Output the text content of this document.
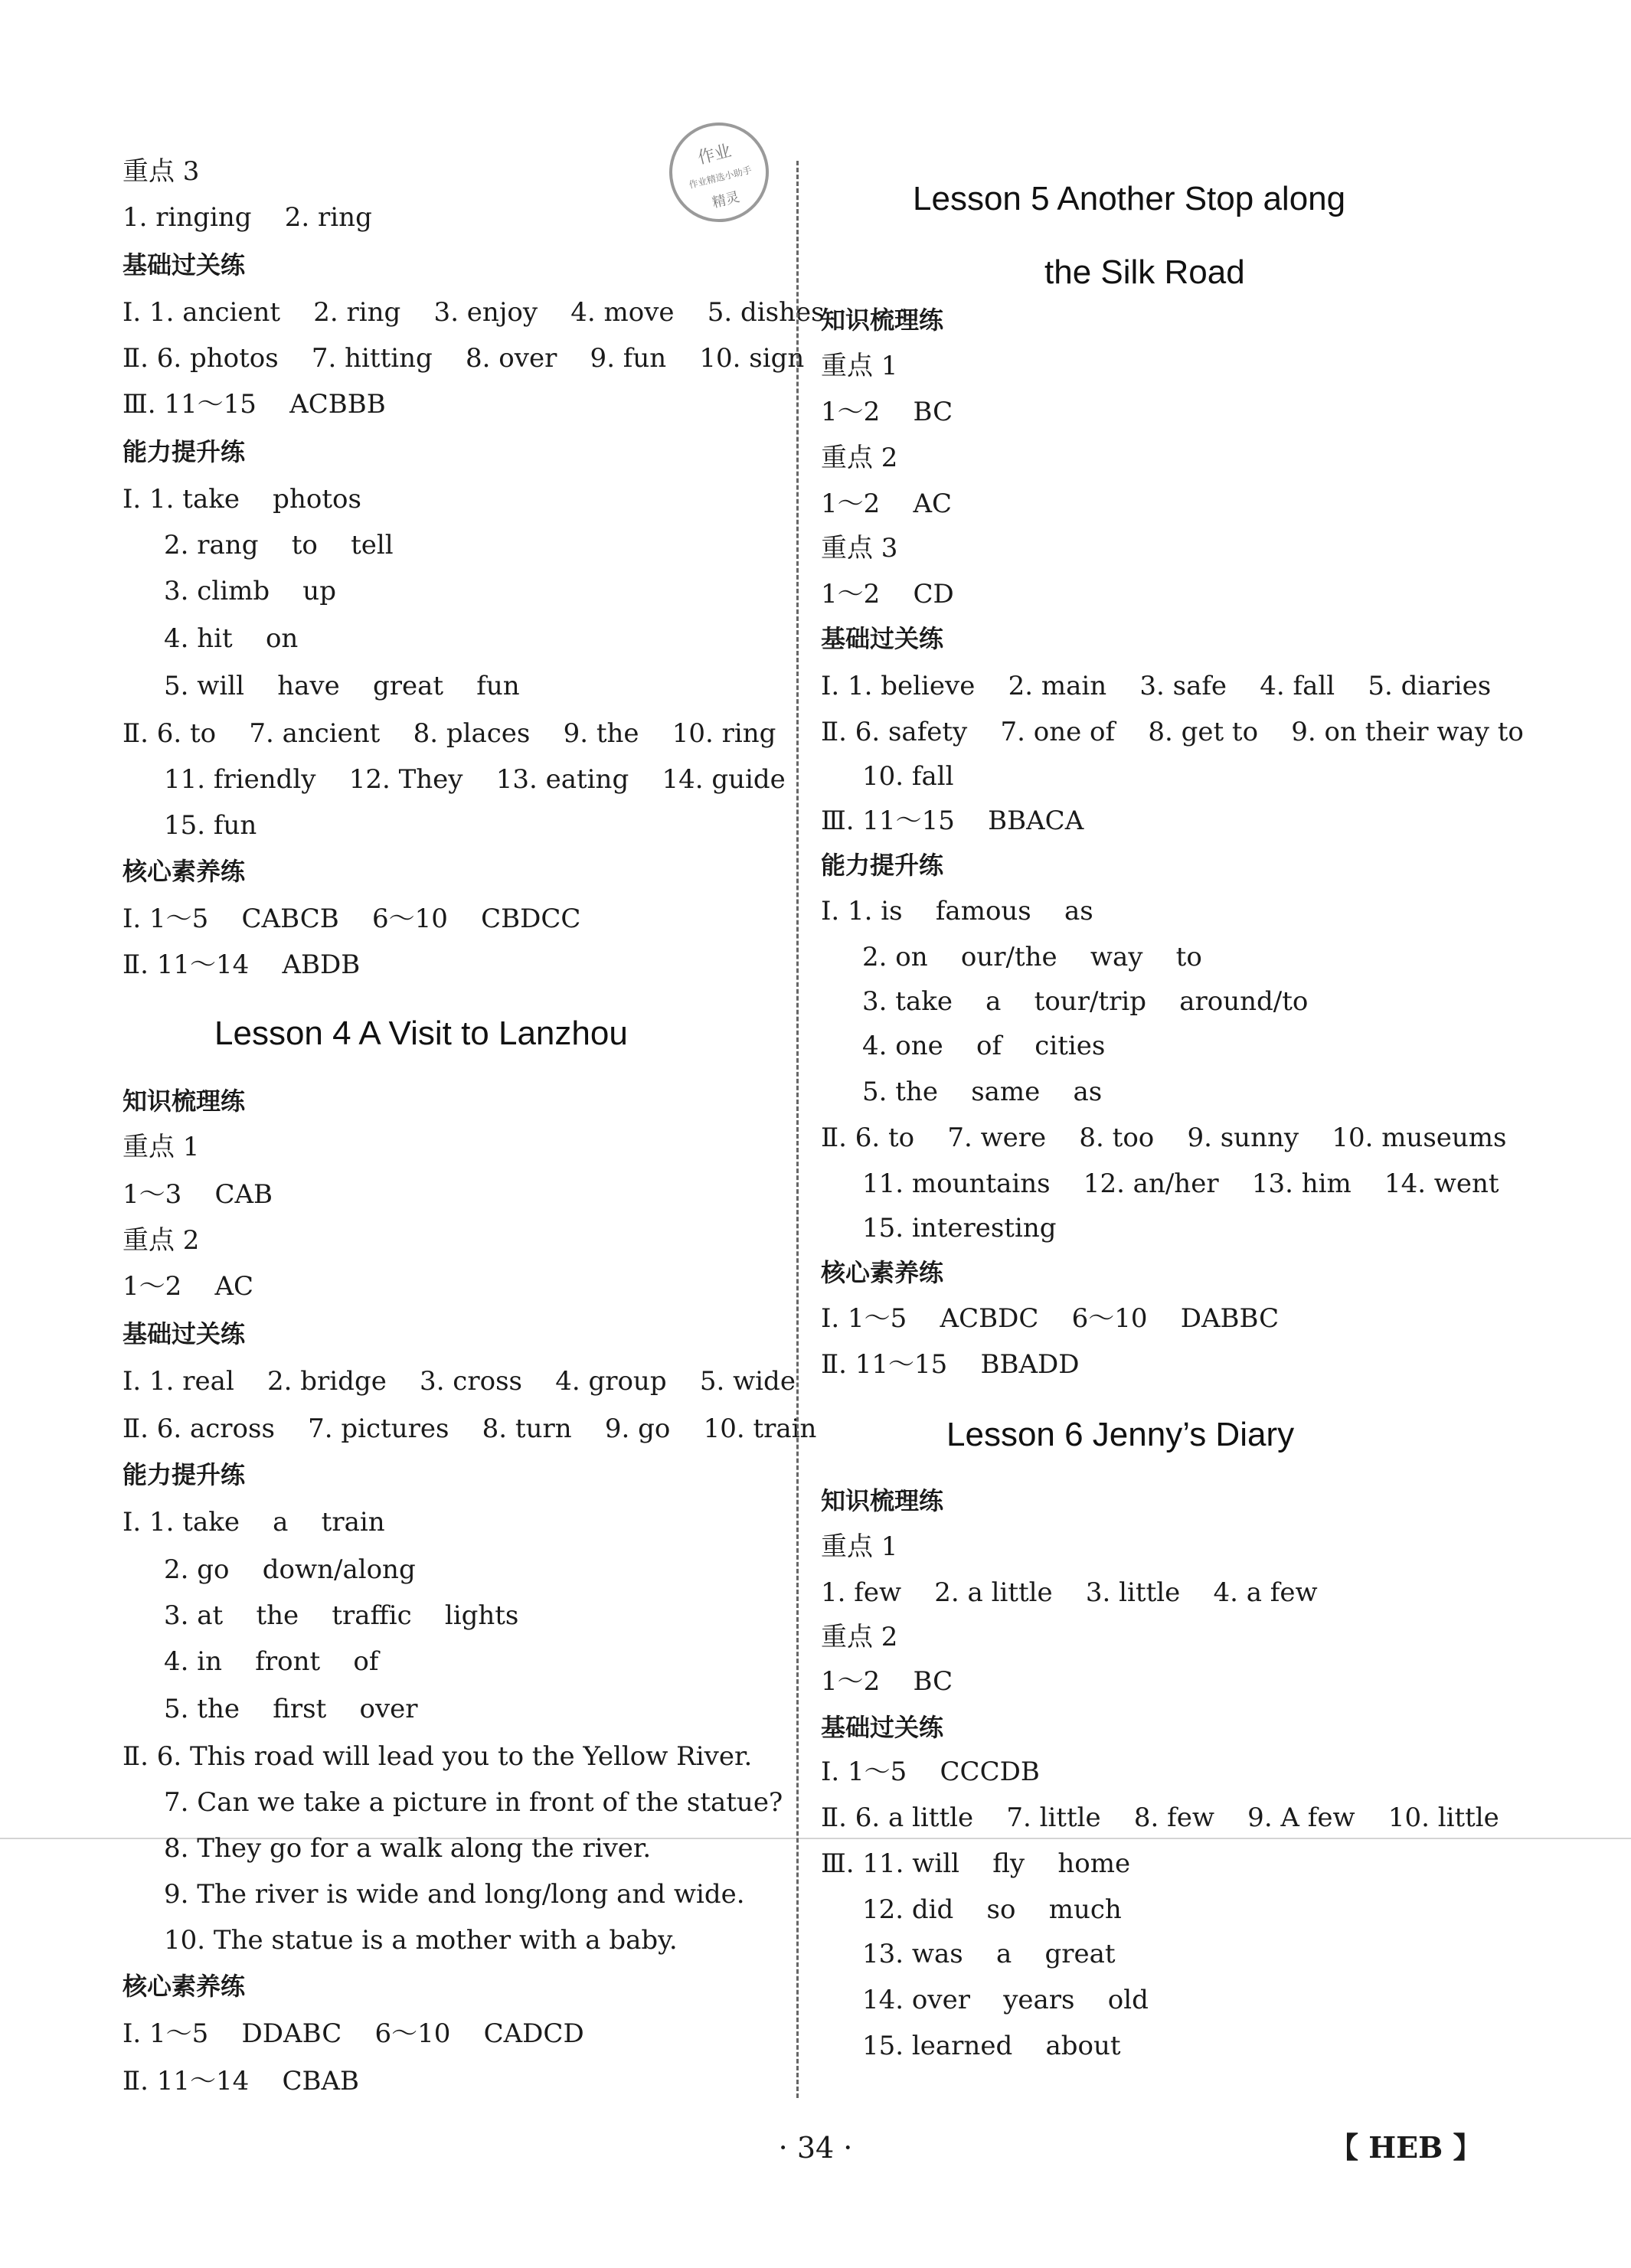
作业
作业精选小助手
精灵
重点 3
1. ringing    2. ring
基础过关练
Ⅰ. 1. ancient    2. ring    3. enjoy    4. move    5. dishes
Ⅱ. 6. photos    7. hitting    8. over    9. fun    10. sign
Ⅲ. 11～15    ACBBB
能力提升练
Ⅰ. 1. take    photos
2. rang    to    tell
3. climb    up
4. hit    on
5. will    have    great    fun
Ⅱ. 6. to    7. ancient    8. places    9. the    10. ring
11. friendly    12. They    13. eating    14. guide
15. fun
核心素养练
Ⅰ. 1～5    CABCB    6～10    CBDCC
Ⅱ. 11～14    ABDB
Lesson 4 A Visit to Lanzhou
知识梳理练
重点 1
1～3    CAB
重点 2
1～2    AC
基础过关练
Ⅰ. 1. real    2. bridge    3. cross    4. group    5. wide
Ⅱ. 6. across    7. pictures    8. turn    9. go    10. train
能力提升练
Ⅰ. 1. take    a    train
2. go    down/along
3. at    the    traffic    lights
4. in    front    of
5. the    first    over
Ⅱ. 6. This road will lead you to the Yellow River.
7. Can we take a picture in front of the statue?
8. They go for a walk along the river.
9. The river is wide and long/long and wide.
10. The statue is a mother with a baby.
核心素养练
Ⅰ. 1～5    DDABC    6～10    CADCD
Ⅱ. 11～14    CBAB
Lesson 5 Another Stop along
the Silk Road
知识梳理练
重点 1
1～2    BC
重点 2
1～2    AC
重点 3
1～2    CD
基础过关练
Ⅰ. 1. believe    2. main    3. safe    4. fall    5. diaries
Ⅱ. 6. safety    7. one of    8. get to    9. on their way to
10. fall
Ⅲ. 11～15    BBACA
能力提升练
Ⅰ. 1. is    famous    as
2. on    our/the    way    to
3. take    a    tour/trip    around/to
4. one    of    cities
5. the    same    as
Ⅱ. 6. to    7. were    8. too    9. sunny    10. museums
11. mountains    12. an/her    13. him    14. went
15. interesting
核心素养练
Ⅰ. 1～5    ACBDC    6～10    DABBC
Ⅱ. 11～15    BBADD
Lesson 6 Jenny’s Diary
知识梳理练
重点 1
1. few    2. a little    3. little    4. a few
重点 2
1～2    BC
基础过关练
Ⅰ. 1～5    CCCDB
Ⅱ. 6. a little    7. little    8. few    9. A few    10. little
Ⅲ. 11. will    fly    home
12. did    so    much
13. was    a    great
14. over    years    old
15. learned    about
· 34 ·	【 HEB 】
